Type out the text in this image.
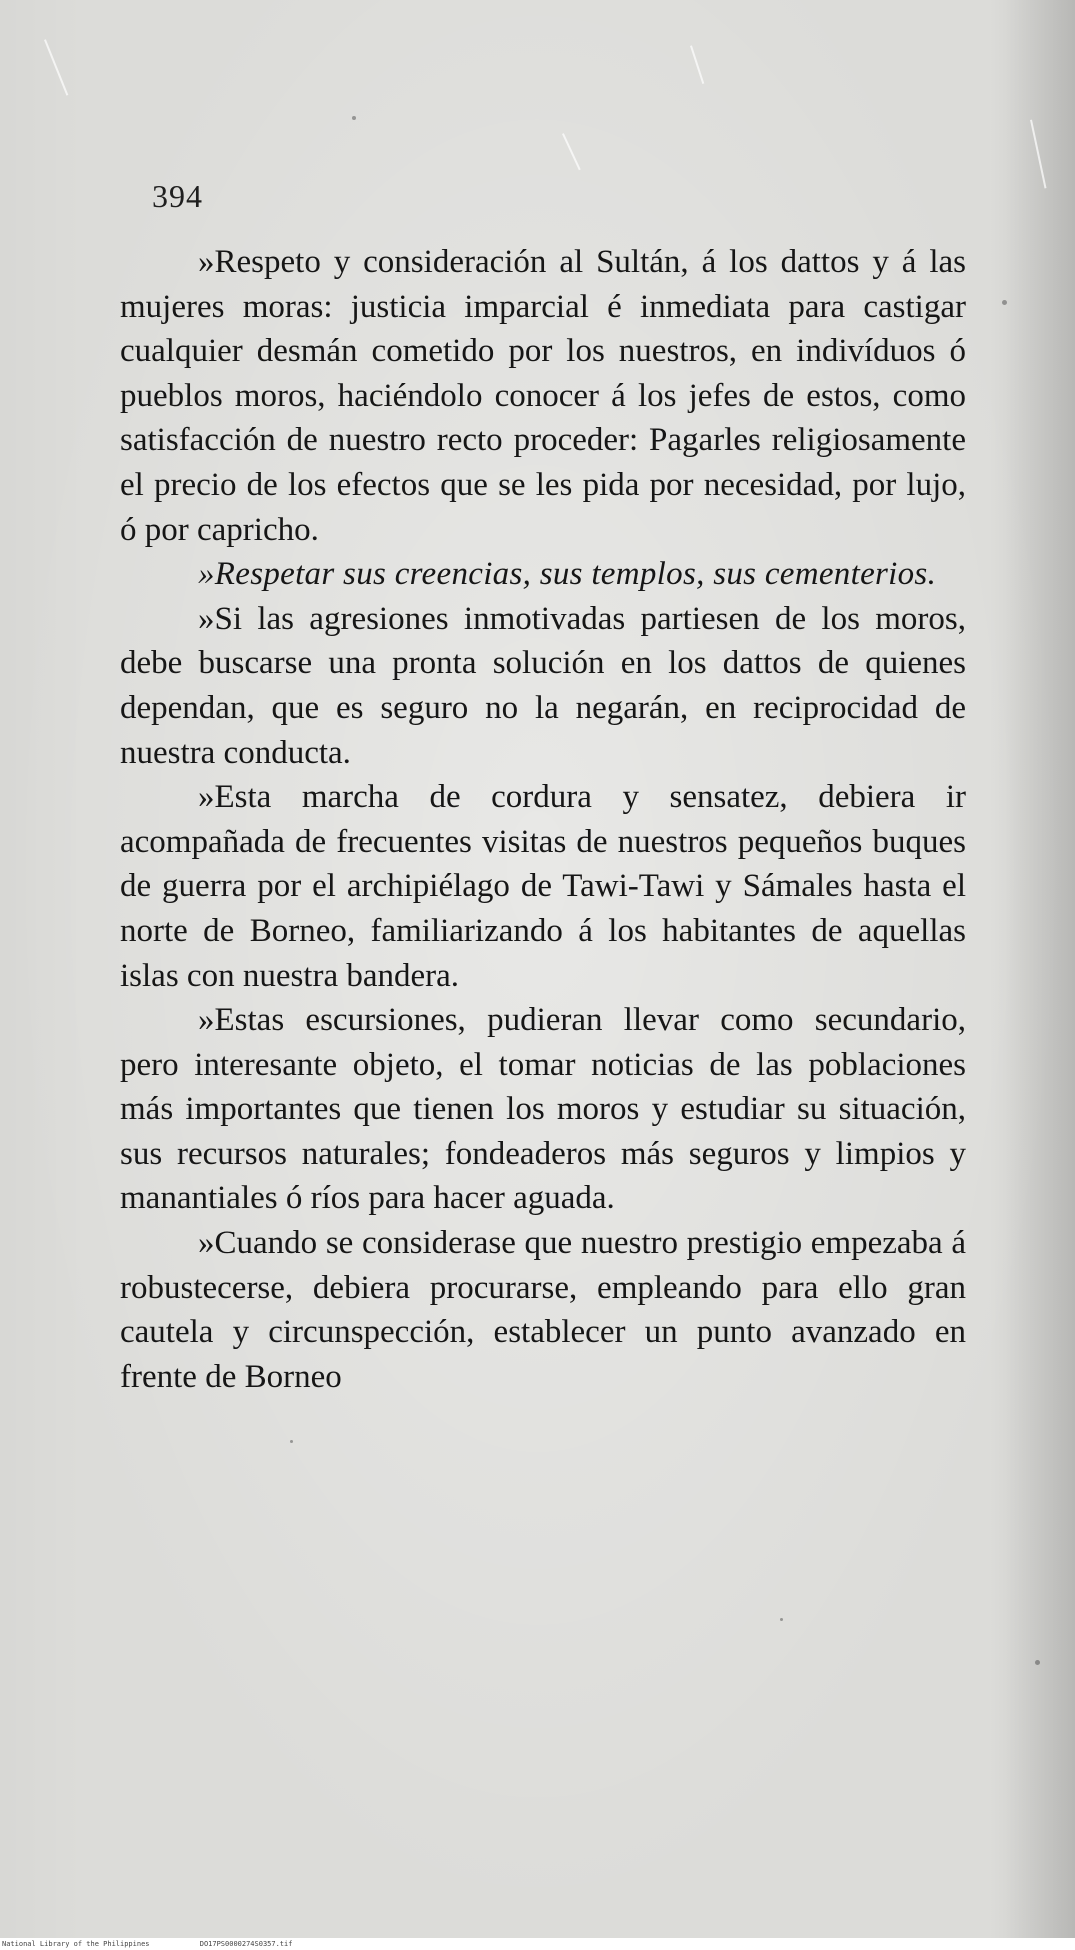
394

»Respeto y consideración al Sultán, á los dattos y á las mujeres moras: justicia imparcial é inmediata para castigar cualquier desmán cometido por los nuestros, en indivíduos ó pueblos moros, haciéndolo conocer á los jefes de estos, como satisfacción de nuestro recto proceder: Pagarles religiosamente el precio de los efectos que se les pida por necesidad, por lujo, ó por capricho.

»Respetar sus creencias, sus templos, sus cementerios.

»Si las agresiones inmotivadas partiesen de los moros, debe buscarse una pronta solución en los dattos de quienes dependan, que es seguro no la negarán, en reciprocidad de nuestra conducta.

»Esta marcha de cordura y sensatez, debiera ir acompañada de frecuentes visitas de nuestros pequeños buques de guerra por el archipiélago de Tawi-Tawi y Sámales hasta el norte de Borneo, familiarizando á los habitantes de aquellas islas con nuestra bandera.

»Estas escursiones, pudieran llevar como secundario, pero interesante objeto, el tomar noticias de las poblaciones más importantes que tienen los moros y estudiar su situación, sus recursos naturales; fondeaderos más seguros y limpios y manantiales ó ríos para hacer aguada.

»Cuando se considerase que nuestro prestigio empezaba á robustecerse, debiera procurarse, empleando para ello gran cautela y circunspección, establecer un punto avanzado en frente de Borneo

National Library of the Philippines	DO17PS0000274S0357.tif
